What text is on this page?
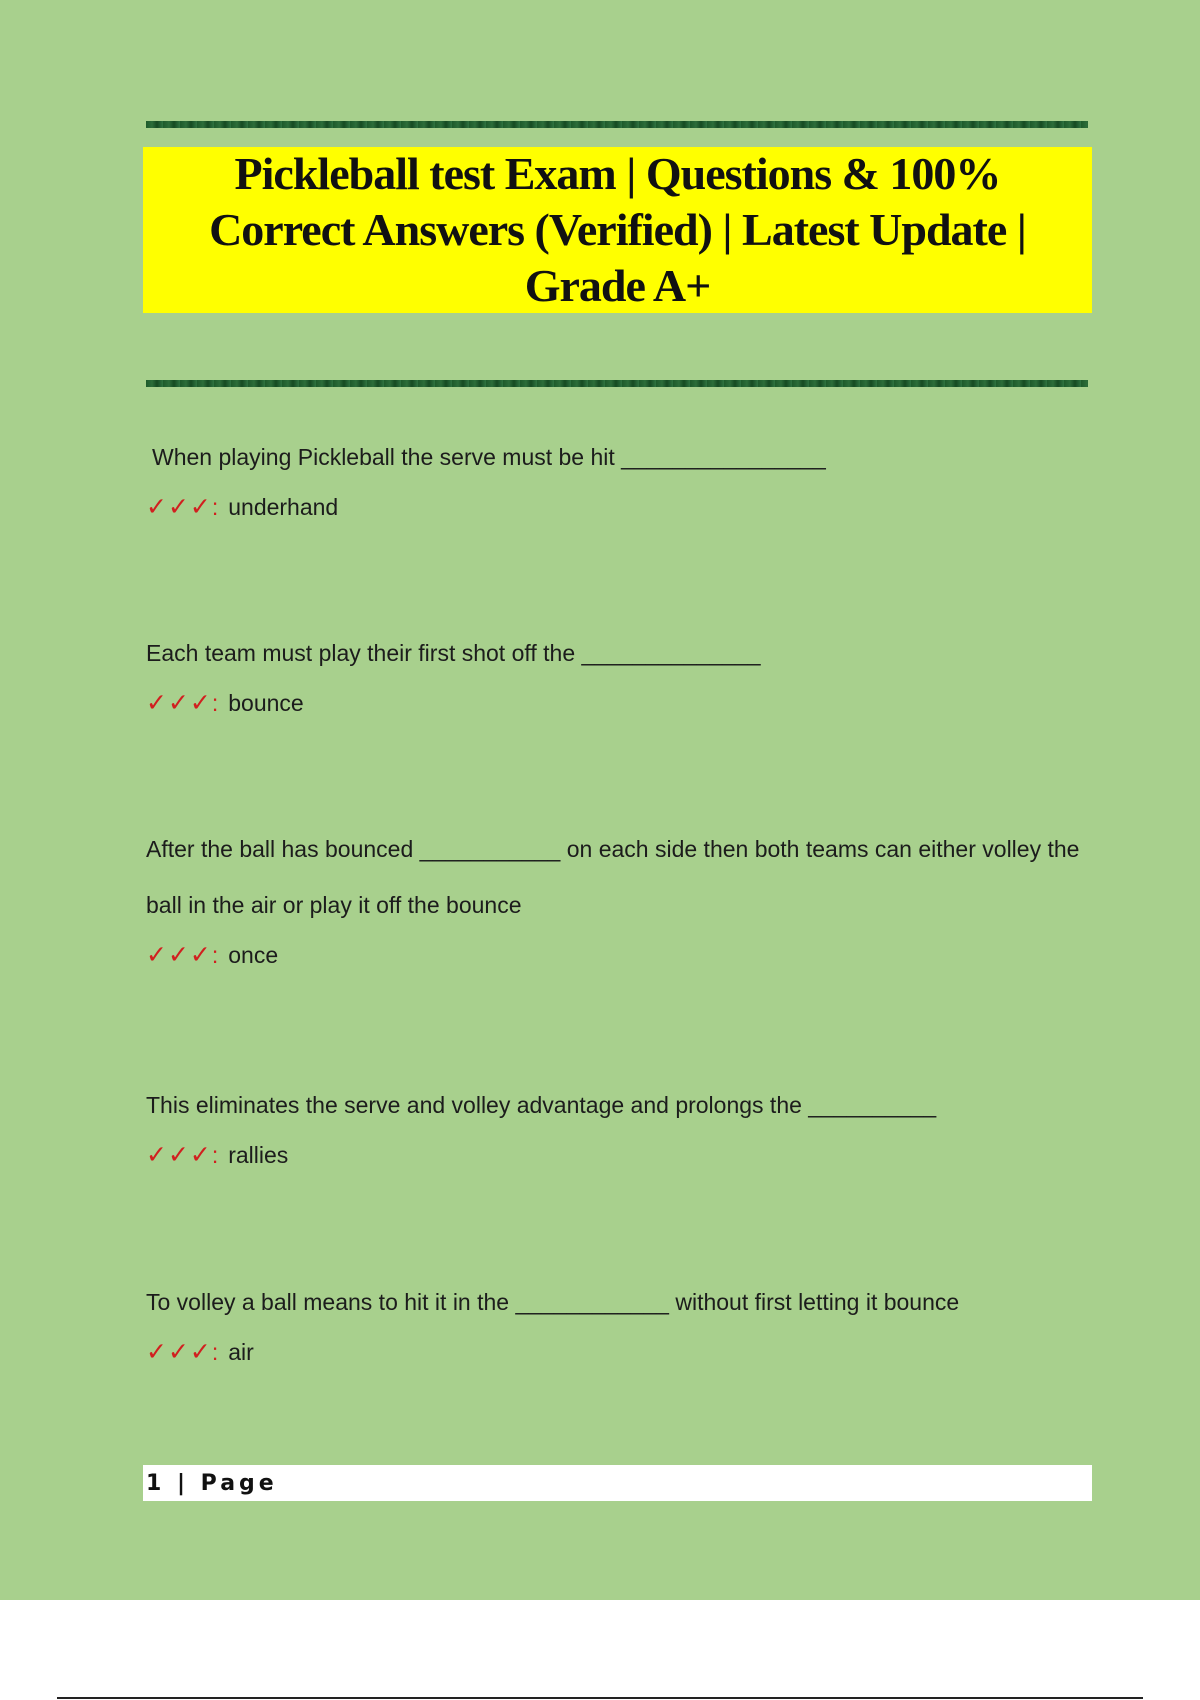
Pickleball test Exam | Questions & 100% Correct Answers (Verified) | Latest Update | Grade A+

When playing Pickleball the serve must be hit ________________

✓✓✓ : underhand

Each team must play their first shot off the ______________

✓✓✓ : bounce

After the ball has bounced ___________ on each side then both teams can either volley the ball in the air or play it off the bounce

✓✓✓ : once

This eliminates the serve and volley advantage and prolongs the __________

✓✓✓ : rallies

To volley a ball means to hit it in the ____________ without first letting it bounce

✓✓✓ : air

1 | Page
